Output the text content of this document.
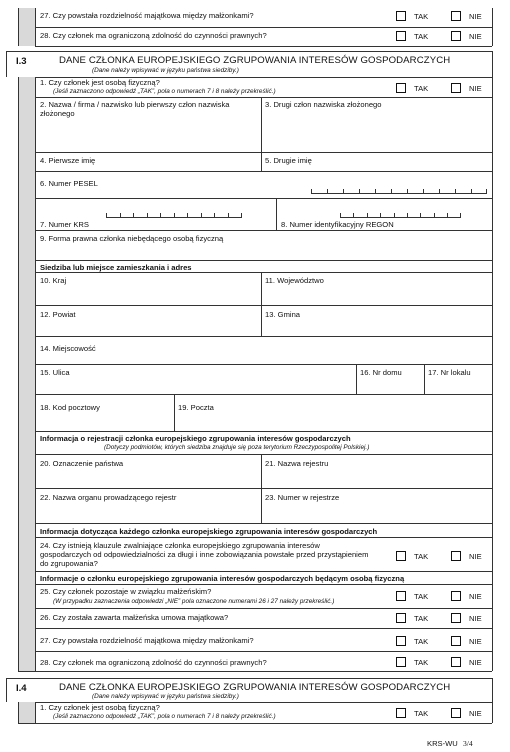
27. Czy powstała rozdzielność majątkowa między małżonkami?	TAK	NIE
28. Czy członek ma ograniczoną zdolność do czynności prawnych?	TAK	NIE
I.3	DANE CZŁONKA EUROPEJSKIEGO ZGRUPOWANIA INTERESÓW GOSPODARCZYCH
(Dane należy wpisywać w języku państwa siedziby.)
1. Czy członek jest osobą fizyczną?
(Jeśli zaznaczono odpowiedź „TAK”, pola o numerach 7 i 8 należy przekreślić.)	TAK	NIE
2. Nazwa / firma / nazwisko lub pierwszy człon nazwiska
złożonego
3. Drugi człon nazwiska złożonego
4. Pierwsze imię	5. Drugie imię
6. Numer PESEL
7. Numer KRS	8. Numer identyfikacyjny REGON
9. Forma prawna członka niebędącego osobą fizyczną
Siedziba lub miejsce zamieszkania i adres
10. Kraj	11. Województwo
12. Powiat	13. Gmina
14. Miejscowość
15. Ulica	16. Nr domu	17. Nr lokalu
18. Kod pocztowy	19. Poczta
Informacja o rejestracji członka europejskiego zgrupowania interesów gospodarczych
(Dotyczy podmiotów, których siedziba znajduje się poza terytorium Rzeczypospolitej Polskiej.)
20. Oznaczenie państwa	21. Nazwa rejestru
22. Nazwa organu prowadzącego rejestr	23. Numer w rejestrze
Informacja dotycząca każdego członka europejskiego zgrupowania interesów gospodarczych
24. Czy istnieją klauzule zwalniające członka europejskiego zgrupowania interesów
gospodarczych od odpowiedzialności za długi i inne zobowiązania powstałe przed przystąpieniem
do zgrupowania?
TAK	NIE
Informacje o członku europejskiego zgrupowania interesów gospodarczych będącym osobą fizyczną
25. Czy członek pozostaje w związku małżeńskim?
(W przypadku zaznaczenia odpowiedzi „NIE” pola oznaczone numerami 26 i 27 należy przekreślić.)
TAK	NIE
26. Czy została zawarta małżeńska umowa majątkowa?	TAK	NIE
27. Czy powstała rozdzielność majątkowa między małżonkami?	TAK	NIE
28. Czy członek ma ograniczoną zdolność do czynności prawnych?	TAK	NIE
I.4	DANE CZŁONKA EUROPEJSKIEGO ZGRUPOWANIA INTERESÓW GOSPODARCZYCH
(Dane należy wpisywać w języku państwa siedziby.)
1. Czy członek jest osobą fizyczną?
(Jeśli zaznaczono odpowiedź „TAK”, pola o numerach 7 i 8 należy przekreślić.)	TAK	NIE
KRS-WU 3/4
